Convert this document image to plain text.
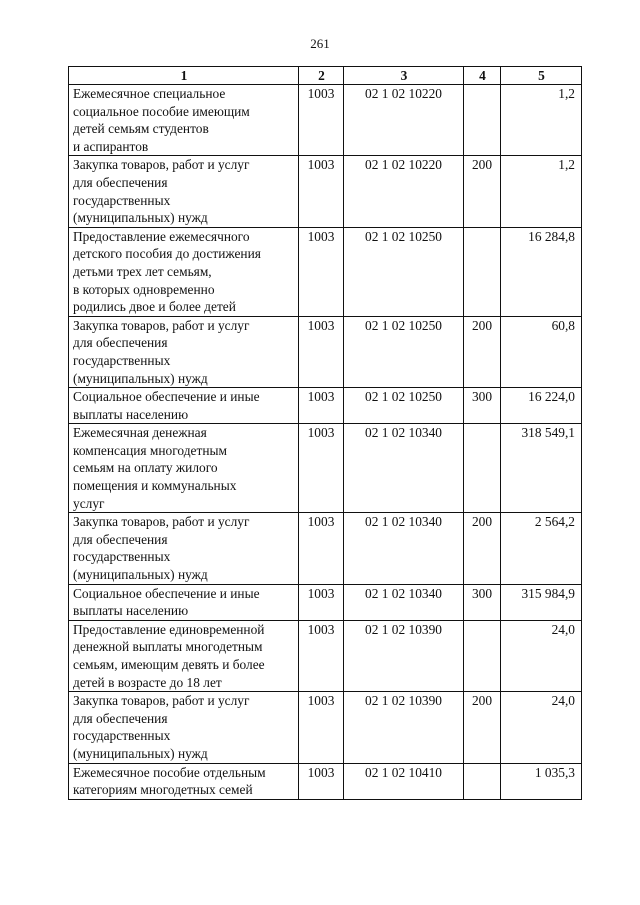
261
1	2	3	4	5
Ежемесячное специальное
социальное пособие имеющим
детей семьям студентов
и аспирантов	1003	02 1 02 10220		1,2
Закупка товаров, работ и услуг
для обеспечения
государственных
(муниципальных) нужд	1003	02 1 02 10220	200	1,2
Предоставление ежемесячного
детского пособия до достижения
детьми трех лет семьям,
в которых одновременно
родились двое и более детей	1003	02 1 02 10250		16 284,8
Закупка товаров, работ и услуг
для обеспечения
государственных
(муниципальных) нужд	1003	02 1 02 10250	200	60,8
Социальное обеспечение и иные
выплаты населению	1003	02 1 02 10250	300	16 224,0
Ежемесячная денежная
компенсация многодетным
семьям на оплату жилого
помещения и коммунальных
услуг	1003	02 1 02 10340		318 549,1
Закупка товаров, работ и услуг
для обеспечения
государственных
(муниципальных) нужд	1003	02 1 02 10340	200	2 564,2
Социальное обеспечение и иные
выплаты населению	1003	02 1 02 10340	300	315 984,9
Предоставление единовременной
денежной выплаты многодетным
семьям, имеющим девять и более
детей в возрасте до 18 лет	1003	02 1 02 10390		24,0
Закупка товаров, работ и услуг
для обеспечения
государственных
(муниципальных) нужд	1003	02 1 02 10390	200	24,0
Ежемесячное пособие отдельным
категориям многодетных семей	1003	02 1 02 10410		1 035,3
